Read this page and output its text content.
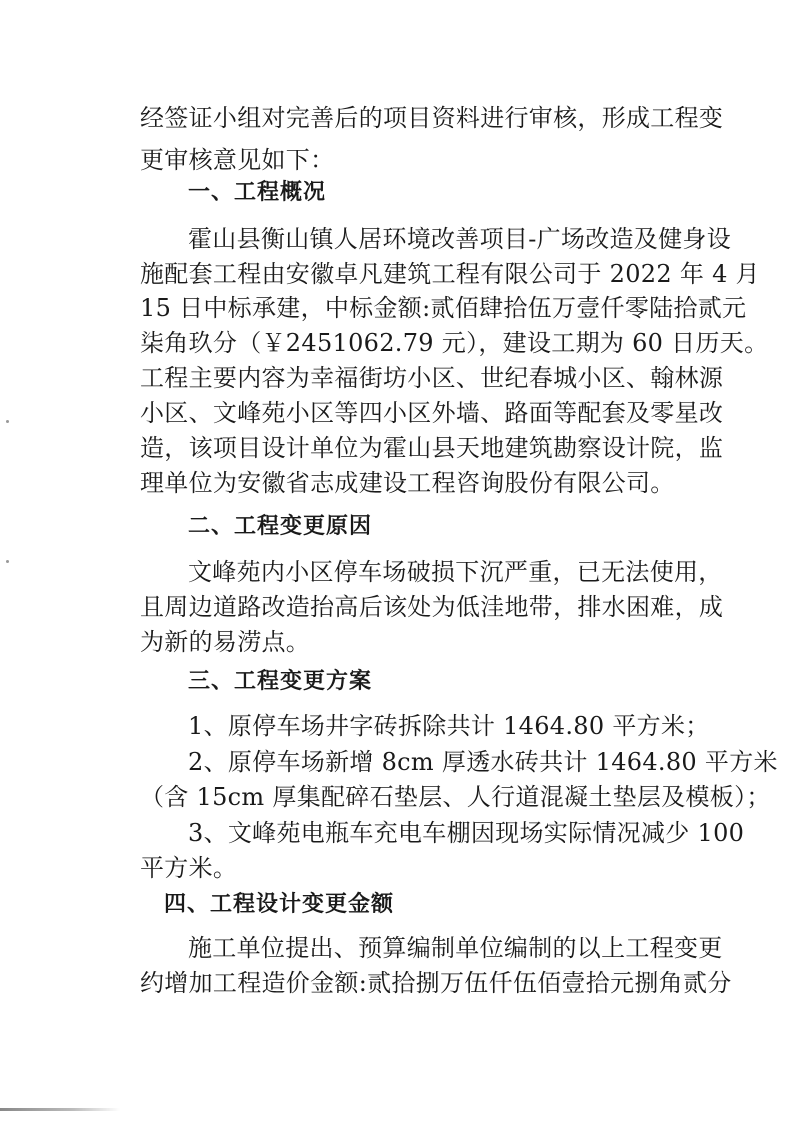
经签证小组对完善后的项目资料进行审核，形成工程变
更审核意见如下：
一、工程概况
霍山县衡山镇人居环境改善项目-广场改造及健身设
施配套工程由安徽卓凡建筑工程有限公司于 2022 年 4 月
15 日中标承建，中标金额:贰佰肆拾伍万壹仟零陆拾贰元
柒角玖分（￥2451062.79 元），建设工期为 60 日历天。
工程主要内容为幸福街坊小区、世纪春城小区、翰林源
小区、文峰苑小区等四小区外墙、路面等配套及零星改
造，该项目设计单位为霍山县天地建筑勘察设计院，监
理单位为安徽省志成建设工程咨询股份有限公司。
二、工程变更原因
文峰苑内小区停车场破损下沉严重，已无法使用，
且周边道路改造抬高后该处为低洼地带，排水困难，成
为新的易涝点。
三、工程变更方案
1、原停车场井字砖拆除共计 1464.80 平方米；
2、原停车场新增 8cm 厚透水砖共计 1464.80 平方米
（含 15cm 厚集配碎石垫层、人行道混凝土垫层及模板）；
3、文峰苑电瓶车充电车棚因现场实际情况减少 100
平方米。
四、工程设计变更金额
施工单位提出、预算编制单位编制的以上工程变更
约增加工程造价金额:贰拾捌万伍仟伍佰壹拾元捌角贰分
